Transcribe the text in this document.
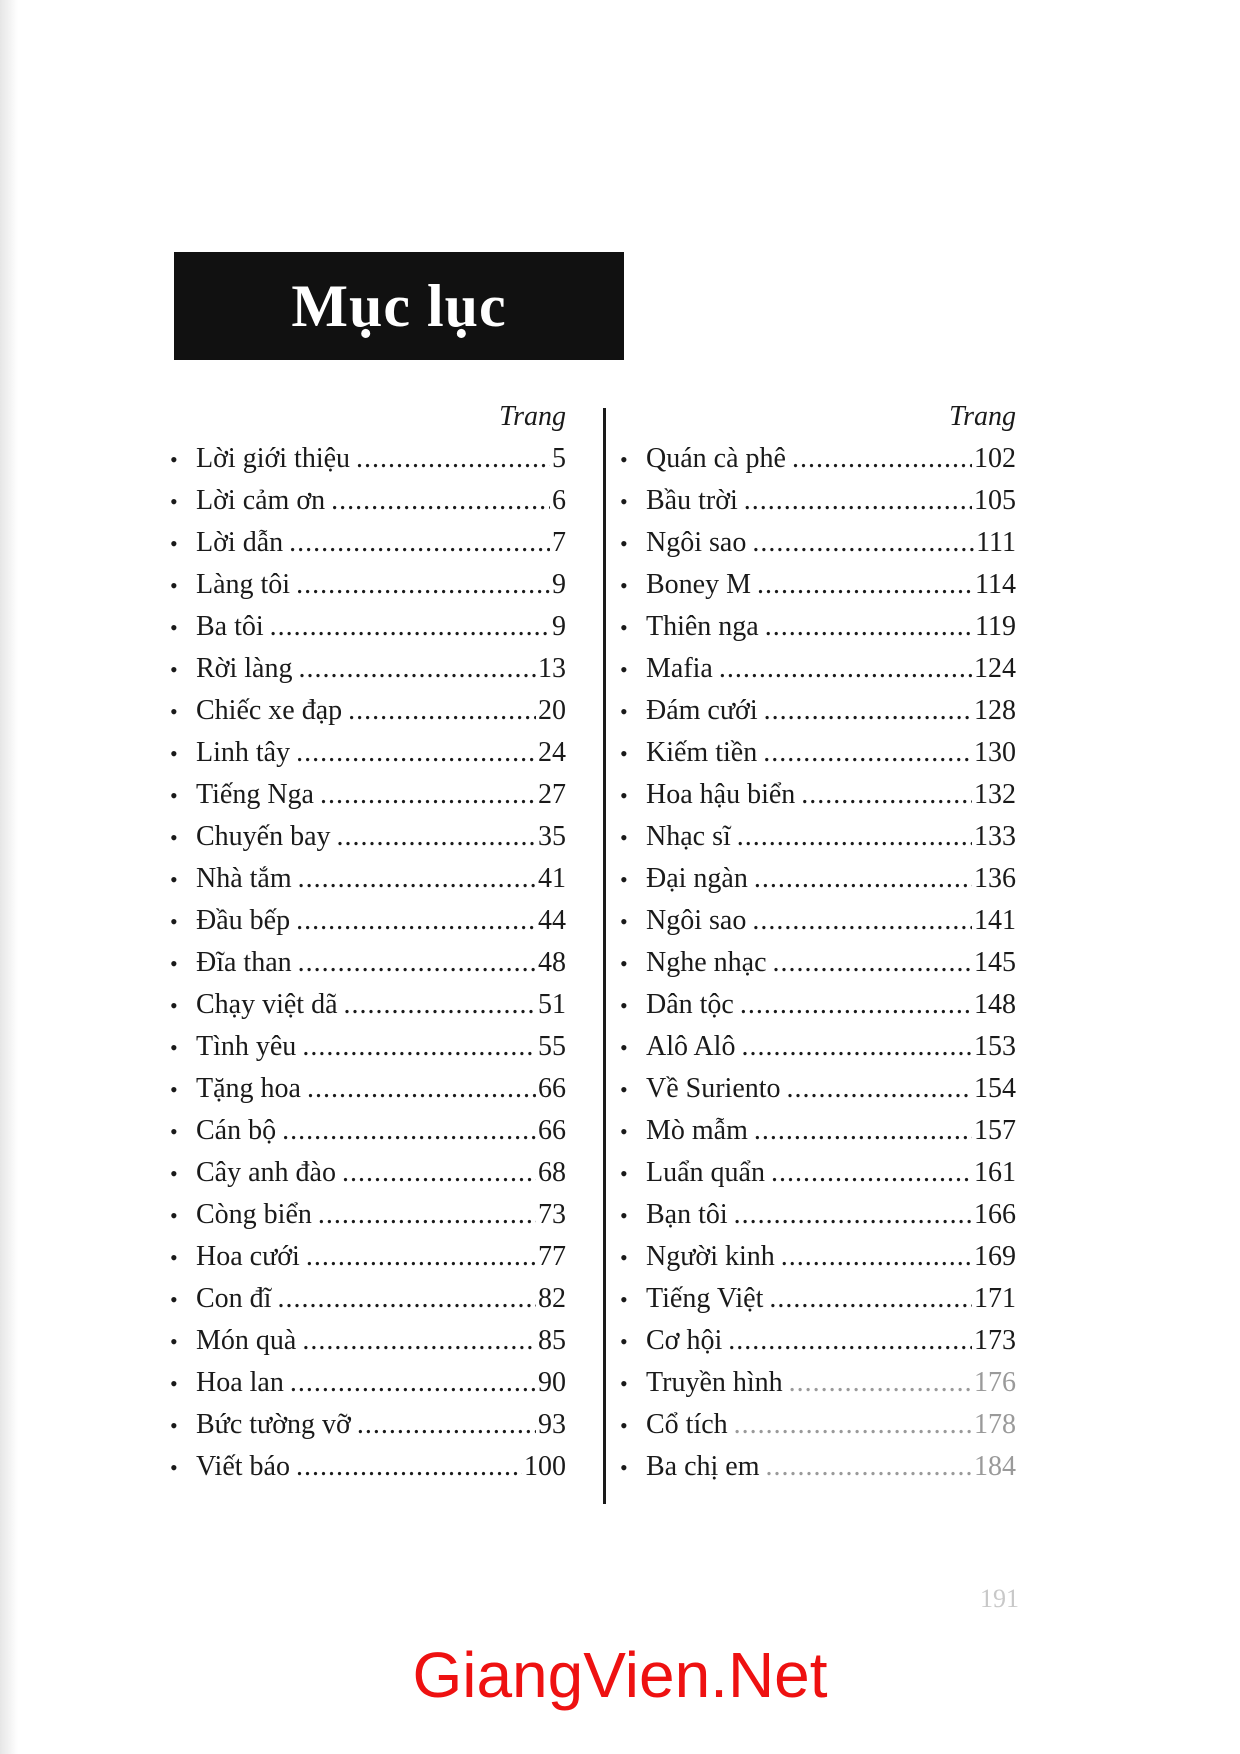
Mục lục
Trang
• Lời giới thiệu .....	5
• Lời cảm ơn .....	6
• Lời dẫn .....	7
• Làng tôi .....	9
• Ba tôi .....	9
• Rời làng .....	13
• Chiếc xe đạp .....	20
• Linh tây .....	24
• Tiếng Nga .....	27
• Chuyến bay .....	35
• Nhà tắm .....	41
• Đầu bếp .....	44
• Đĩa than .....	48
• Chạy việt dã .....	51
• Tình yêu .....	55
• Tặng hoa .....	66
• Cán bộ .....	66
• Cây anh đào .....	68
• Còng biển .....	73
• Hoa cưới .....	77
• Con đĩ .....	82
• Món quà .....	85
• Hoa lan .....	90
• Bức tường vỡ .....	93
• Viết báo .....	100
Trang
• Quán cà phê .....	102
• Bầu trời .....	105
• Ngôi sao .....	111
• Boney M .....	114
• Thiên nga .....	119
• Mafia .....	124
• Đám cưới .....	128
• Kiếm tiền .....	130
• Hoa hậu biển .....	132
• Nhạc sĩ .....	133
• Đại ngàn .....	136
• Ngôi sao .....	141
• Nghe nhạc .....	145
• Dân tộc .....	148
• Alô Alô .....	153
• Về Suriento .....	154
• Mò mẫm .....	157
• Luẩn quẩn .....	161
• Bạn tôi .....	166
• Người kinh .....	169
• Tiếng Việt .....	171
• Cơ hội .....	173
• Truyền hình .....	176
• Cổ tích .....	178
• Ba chị em .....	184
191
GiangVien.Net
